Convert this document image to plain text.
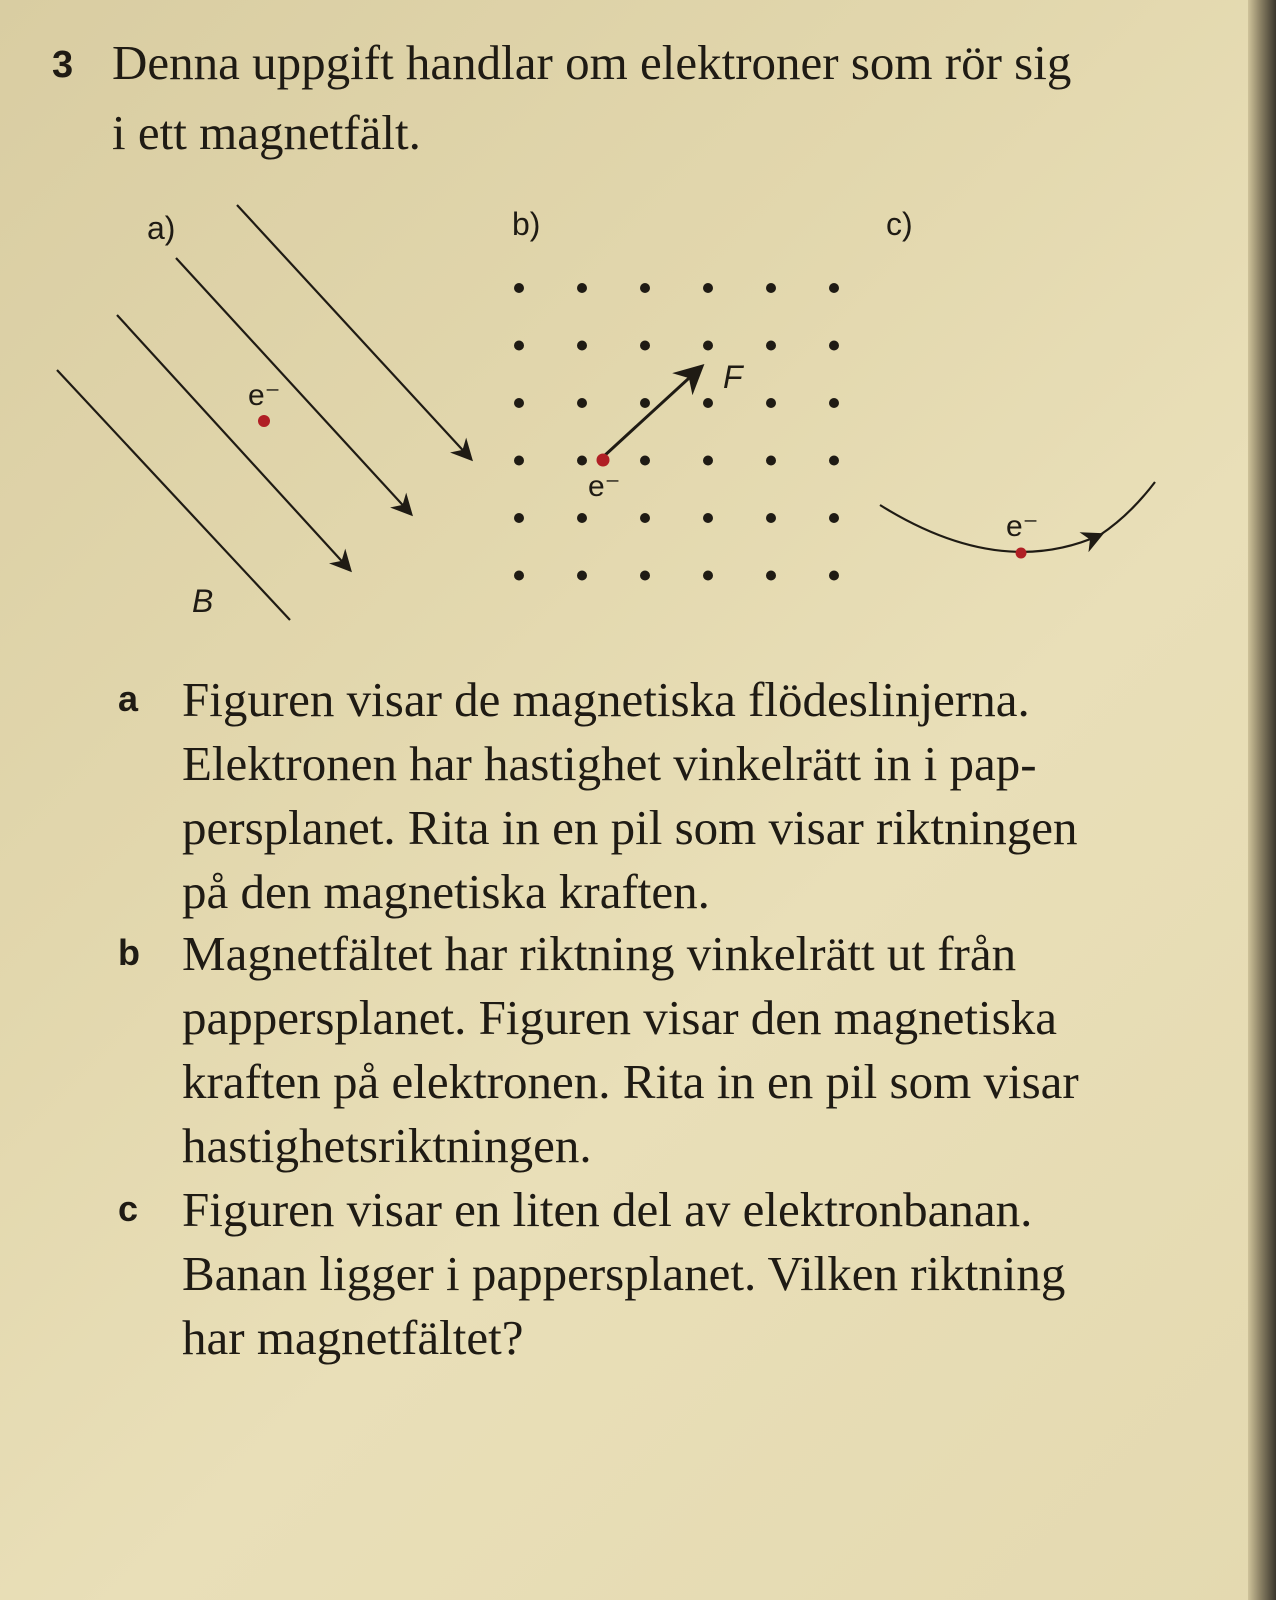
3 Denna uppgift handlar om elektroner som rör sig
i ett magnetfält.
a)	b)	c)
e⁻
B
e⁻
F
e⁻
a Figuren visar de magnetiska flödeslinjerna.
Elektronen har hastighet vinkelrätt in i pap-
persplanet. Rita in en pil som visar riktningen
på den magnetiska kraften.
b Magnetfältet har riktning vinkelrätt ut från
pappersplanet. Figuren visar den magnetiska
kraften på elektronen. Rita in en pil som visar
hastighetsriktningen.
c Figuren visar en liten del av elektronbanan.
Banan ligger i pappersplanet. Vilken riktning
har magnetfältet?
